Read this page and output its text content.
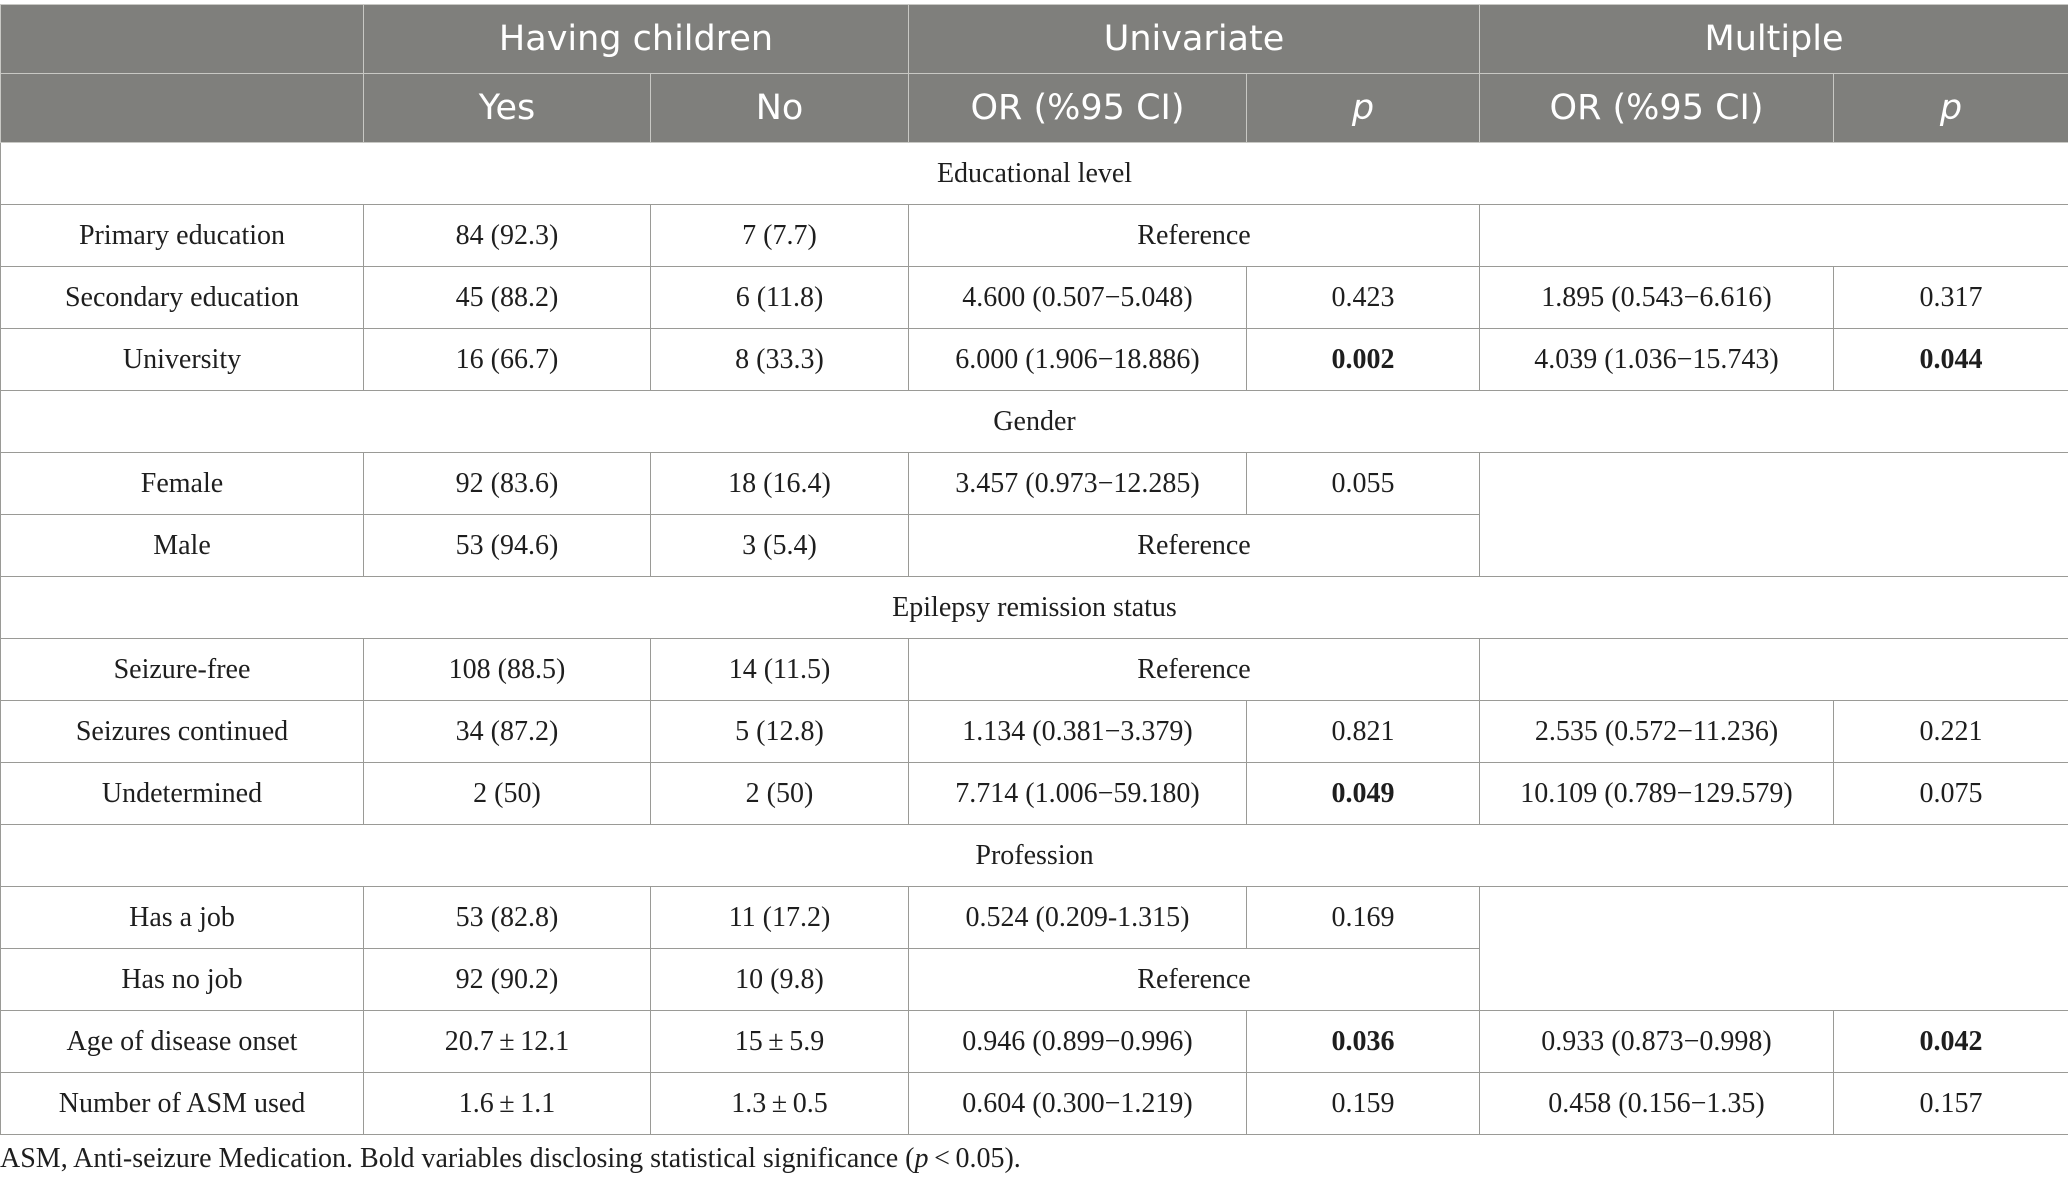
	Having children		Univariate		Multiple	
	Yes	No	OR (%95 CI)	p	OR (%95 CI)	p
Educational level						
Primary education	84 (92.3)	7 (7.7)	Reference			
Secondary education	45 (88.2)	6 (11.8)	4.600 (0.507−5.048)	0.423	1.895 (0.543−6.616)	0.317
University	16 (66.7)	8 (33.3)	6.000 (1.906−18.886)	0.002	4.039 (1.036−15.743)	0.044
Gender						
Female	92 (83.6)	18 (16.4)	3.457 (0.973−12.285)	0.055		
Male	53 (94.6)	3 (5.4)	Reference			
Epilepsy remission status						
Seizure-free	108 (88.5)	14 (11.5)	Reference			
Seizures continued	34 (87.2)	5 (12.8)	1.134 (0.381−3.379)	0.821	2.535 (0.572−11.236)	0.221
Undetermined	2 (50)	2 (50)	7.714 (1.006−59.180)	0.049	10.109 (0.789−129.579)	0.075
Profession						
Has a job	53 (82.8)	11 (17.2)	0.524 (0.209-1.315)	0.169		
Has no job	92 (90.2)	10 (9.8)	Reference			
Age of disease onset	20.7 ± 12.1	15 ± 5.9	0.946 (0.899−0.996)	0.036	0.933 (0.873−0.998)	0.042
Number of ASM used	1.6 ± 1.1	1.3 ± 0.5	0.604 (0.300−1.219)	0.159	0.458 (0.156−1.35)	0.157
ASM, Anti-seizure Medication. Bold variables disclosing statistical significance (p < 0.05).
